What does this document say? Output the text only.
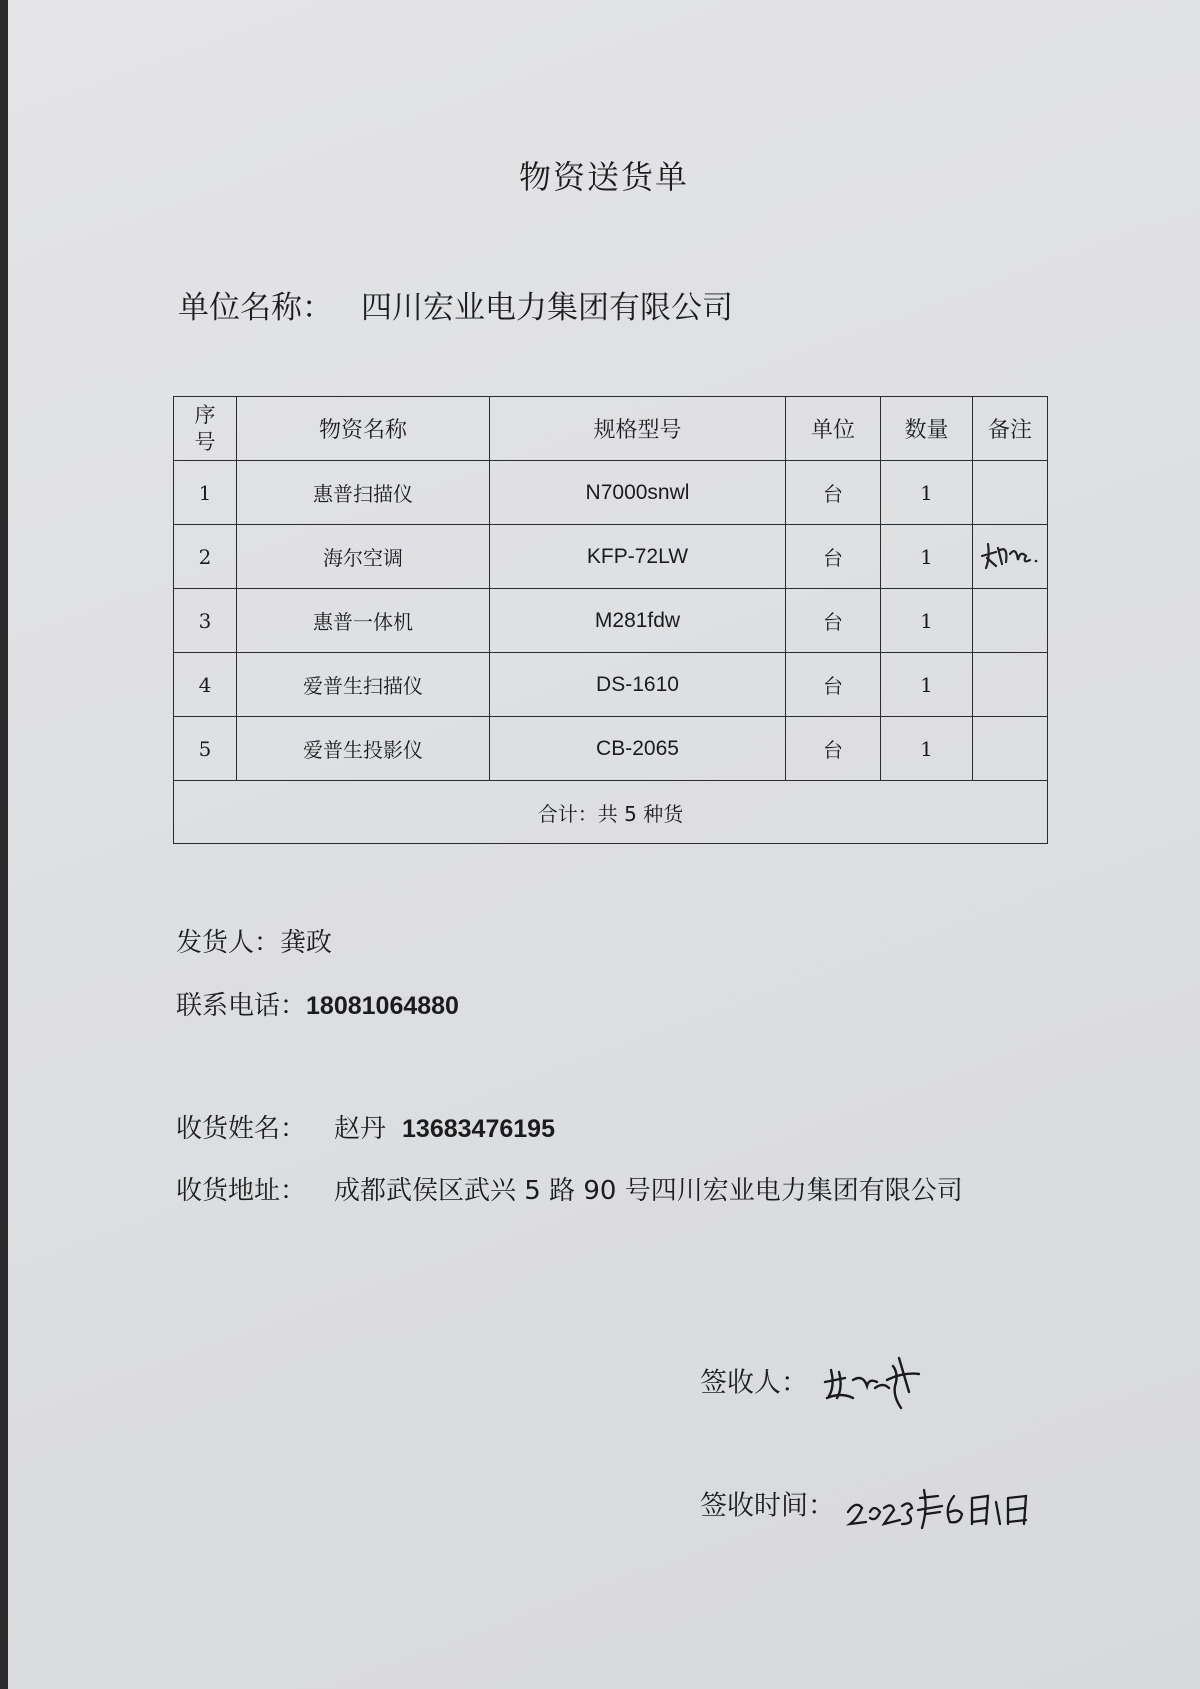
物资送货单
单位名称： 四川宏业电力集团有限公司
序
号	物资名称	规格型号	单位	数量	备注
1	惠普扫描仪	N7000snwl	台	1	
2	海尔空调	KFP-72LW	台	1	
3	惠普一体机	M281fdw	台	1	
4	爱普生扫描仪	DS-1610	台	1	
5	爱普生投影仪	CB-2065	台	1	
合计：共 5 种货					
发货人：龚政
联系电话：18081064880
收货姓名： 赵丹 13683476195
收货地址： 成都武侯区武兴 5 路 90 号四川宏业电力集团有限公司
签收人：
签收时间：
